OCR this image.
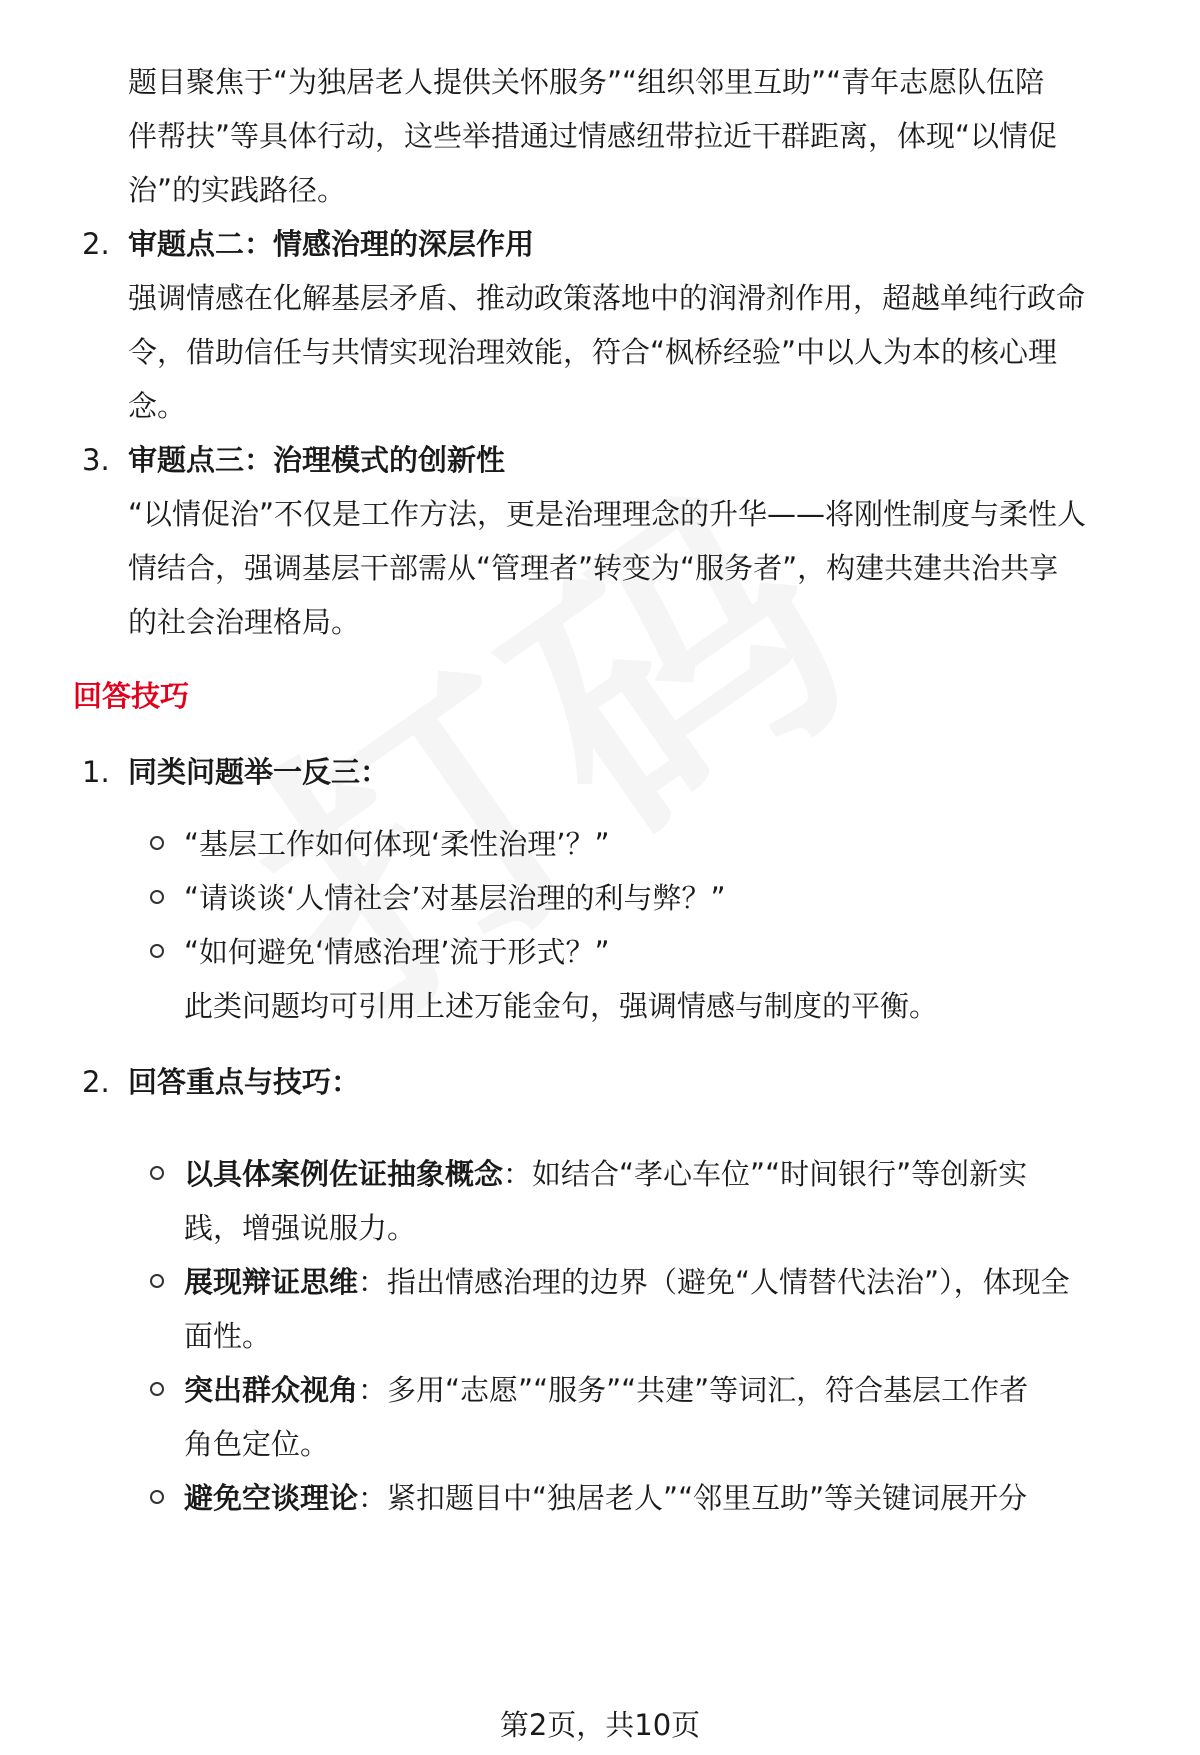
题目聚焦于“为独居老人提供关怀服务”“组织邻里互助”“青年志愿队伍陪
伴帮扶”等具体行动，这些举措通过情感纽带拉近干群距离，体现“以情促
治”的实践路径。
2. 审题点二：情感治理的深层作用
强调情感在化解基层矛盾、推动政策落地中的润滑剂作用，超越单纯行政命
令，借助信任与共情实现治理效能，符合“枫桥经验”中以人为本的核心理
念。
3. 审题点三：治理模式的创新性
“以情促治”不仅是工作方法，更是治理理念的升华——将刚性制度与柔性人
情结合，强调基层干部需从“管理者”转变为“服务者”，构建共建共治共享
的社会治理格局。
回答技巧
1. 同类问题举一反三：
“基层工作如何体现‘柔性治理’？”
“请谈谈‘人情社会’对基层治理的利与弊？”
“如何避免‘情感治理’流于形式？”
此类问题均可引用上述万能金句，强调情感与制度的平衡。
2. 回答重点与技巧：
以具体案例佐证抽象概念：如结合“孝心车位”“时间银行”等创新实
践，增强说服力。
展现辩证思维：指出情感治理的边界（避免“人情替代法治”），体现全
面性。
突出群众视角：多用“志愿”“服务”“共建”等词汇，符合基层工作者
角色定位。
避免空谈理论：紧扣题目中“独居老人”“邻里互助”等关键词展开分
第2页，共10页
